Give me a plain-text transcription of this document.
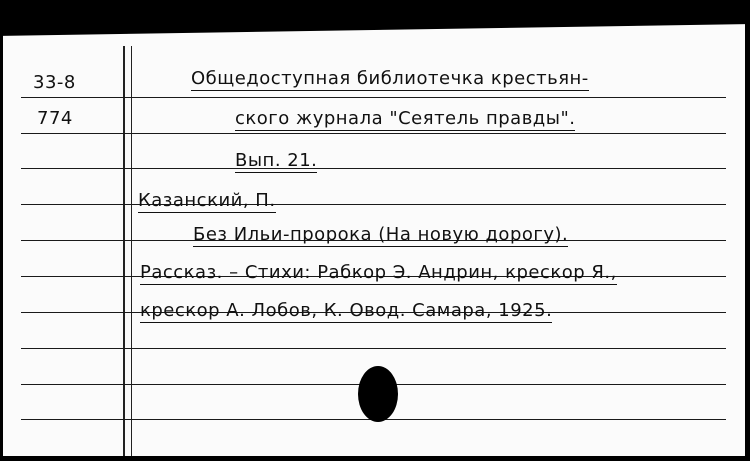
33-8
774
Общедоступная библиотечка крестьян-
ского журнала "Сеятель правды".
Вып. 21.
Казанский, П.
Без Ильи-пророка (На новую дорогу).
Рассказ. – Стихи: Рабкор Э. Андрин, крескор Я.,
крескор А. Лобов, К. Овод. Самара, 1925.
